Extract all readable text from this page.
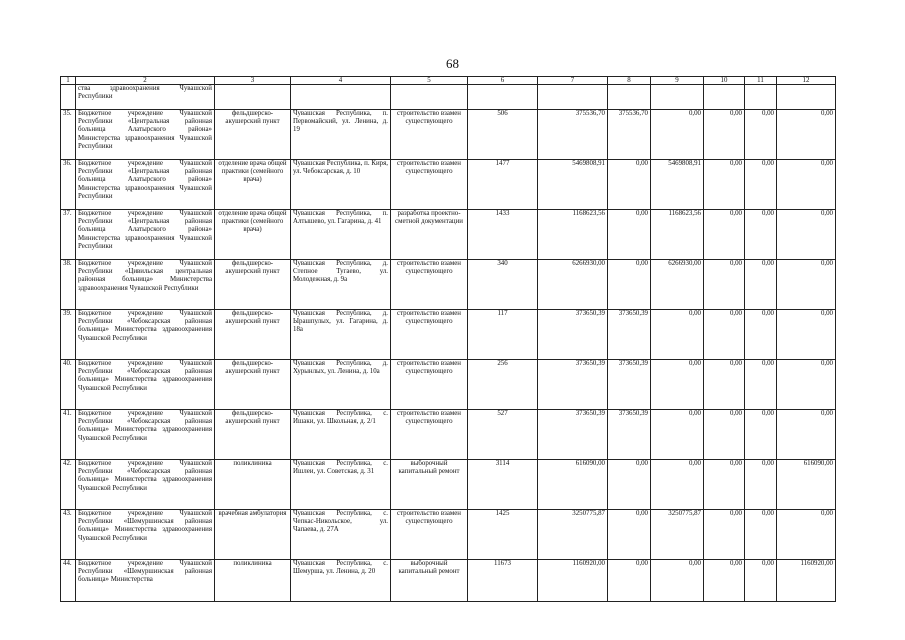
68
1	2	3	4	5	6	7	8	9	10	11	12
	ства здравоохранения Чувашской Республики										
35.	Бюджетное учреждение Чувашской Республики «Центральная районная больница Алатырского района» Министерства здравоохранения Чувашской Республики	фельдшерско-акушерский пункт	Чувашская Республика, п. Первомайский, ул. Ленина, д. 19	строительство взамен существующего	506	375536,70	375536,70	0,00	0,00	0,00	0,00
36.	Бюджетное учреждение Чувашской Республики «Центральная районная больница Алатырского района» Министерства здравоохранения Чувашской Республики	отделение врача общей практики (семейного врача)	Чувашская Республика, п. Киря, ул. Чебоксарская, д. 10	строительство взамен существующего	1477	5469808,91	0,00	5469808,91	0,00	0,00	0,00
37.	Бюджетное учреждение Чувашской Республики «Центральная районная больница Алатырского района» Министерства здравоохранения Чувашской Республики	отделение врача общей практики (семейного врача)	Чувашская Республика, п. Алтышево, ул. Гагарина, д. 41	разработка проектно-сметной документации	1433	1168623,56	0,00	1168623,56	0,00	0,00	0,00
38.	Бюджетное учреждение Чувашской Республики «Цивильская центральная районная больница» Министерства здравоохранения Чувашской Республики	фельдшерско-акушерский пункт	Чувашская Республика, д. Степное Тугаево, ул. Молодежная, д. 9а	строительство взамен существующего	340	6266930,00	0,00	6266930,00	0,00	0,00	0,00
39.	Бюджетное учреждение Чувашской Республики «Чебоксарская районная больница» Министерства здравоохранения Чувашской Республики	фельдшерско-акушерский пункт	Чувашская Республика, д. Ырашпулых, ул. Гагарина, д. 18а	строительство взамен существующего	117	373650,39	373650,39	0,00	0,00	0,00	0,00
40.	Бюджетное учреждение Чувашской Республики «Чебоксарская районная больница» Министерства здравоохранения Чувашской Республики	фельдшерско-акушерский пункт	Чувашская Республика, д. Хурынлых, ул. Ленина, д. 10а	строительство взамен существующего	256	373650,39	373650,39	0,00	0,00	0,00	0,00
41.	Бюджетное учреждение Чувашской Республики «Чебоксарская районная больница» Министерства здравоохранения Чувашской Республики	фельдшерско-акушерский пункт	Чувашская Республика, с. Ишаки, ул. Школьная, д. 2/1	строительство взамен существующего	527	373650,39	373650,39	0,00	0,00	0,00	0,00
42.	Бюджетное учреждение Чувашской Республики «Чебоксарская районная больница» Министерства здравоохранения Чувашской Республики	поликлиника	Чувашская Республика, с. Ишлеи, ул. Советская, д. 31	выборочный капитальный ремонт	3114	616090,00	0,00	0,00	0,00	0,00	616090,00
43.	Бюджетное учреждение Чувашской Республики «Шемуршинская районная больница» Министерства здравоохранения Чувашской Республики	врачебная амбулатория	Чувашская Республика, с. Чепкас-Никольское, ул. Чапаева, д. 27А	строительство взамен существующего	1425	3250775,87	0,00	3250775,87	0,00	0,00	0,00
44.	Бюджетное учреждение Чувашской Республики «Шемуршинская районная больница» Министерства	поликлиника	Чувашская Республика, с. Шемурша, ул. Ленина, д. 20	выборочный капитальный ремонт	11673	1160920,00	0,00	0,00	0,00	0,00	1160920,00
